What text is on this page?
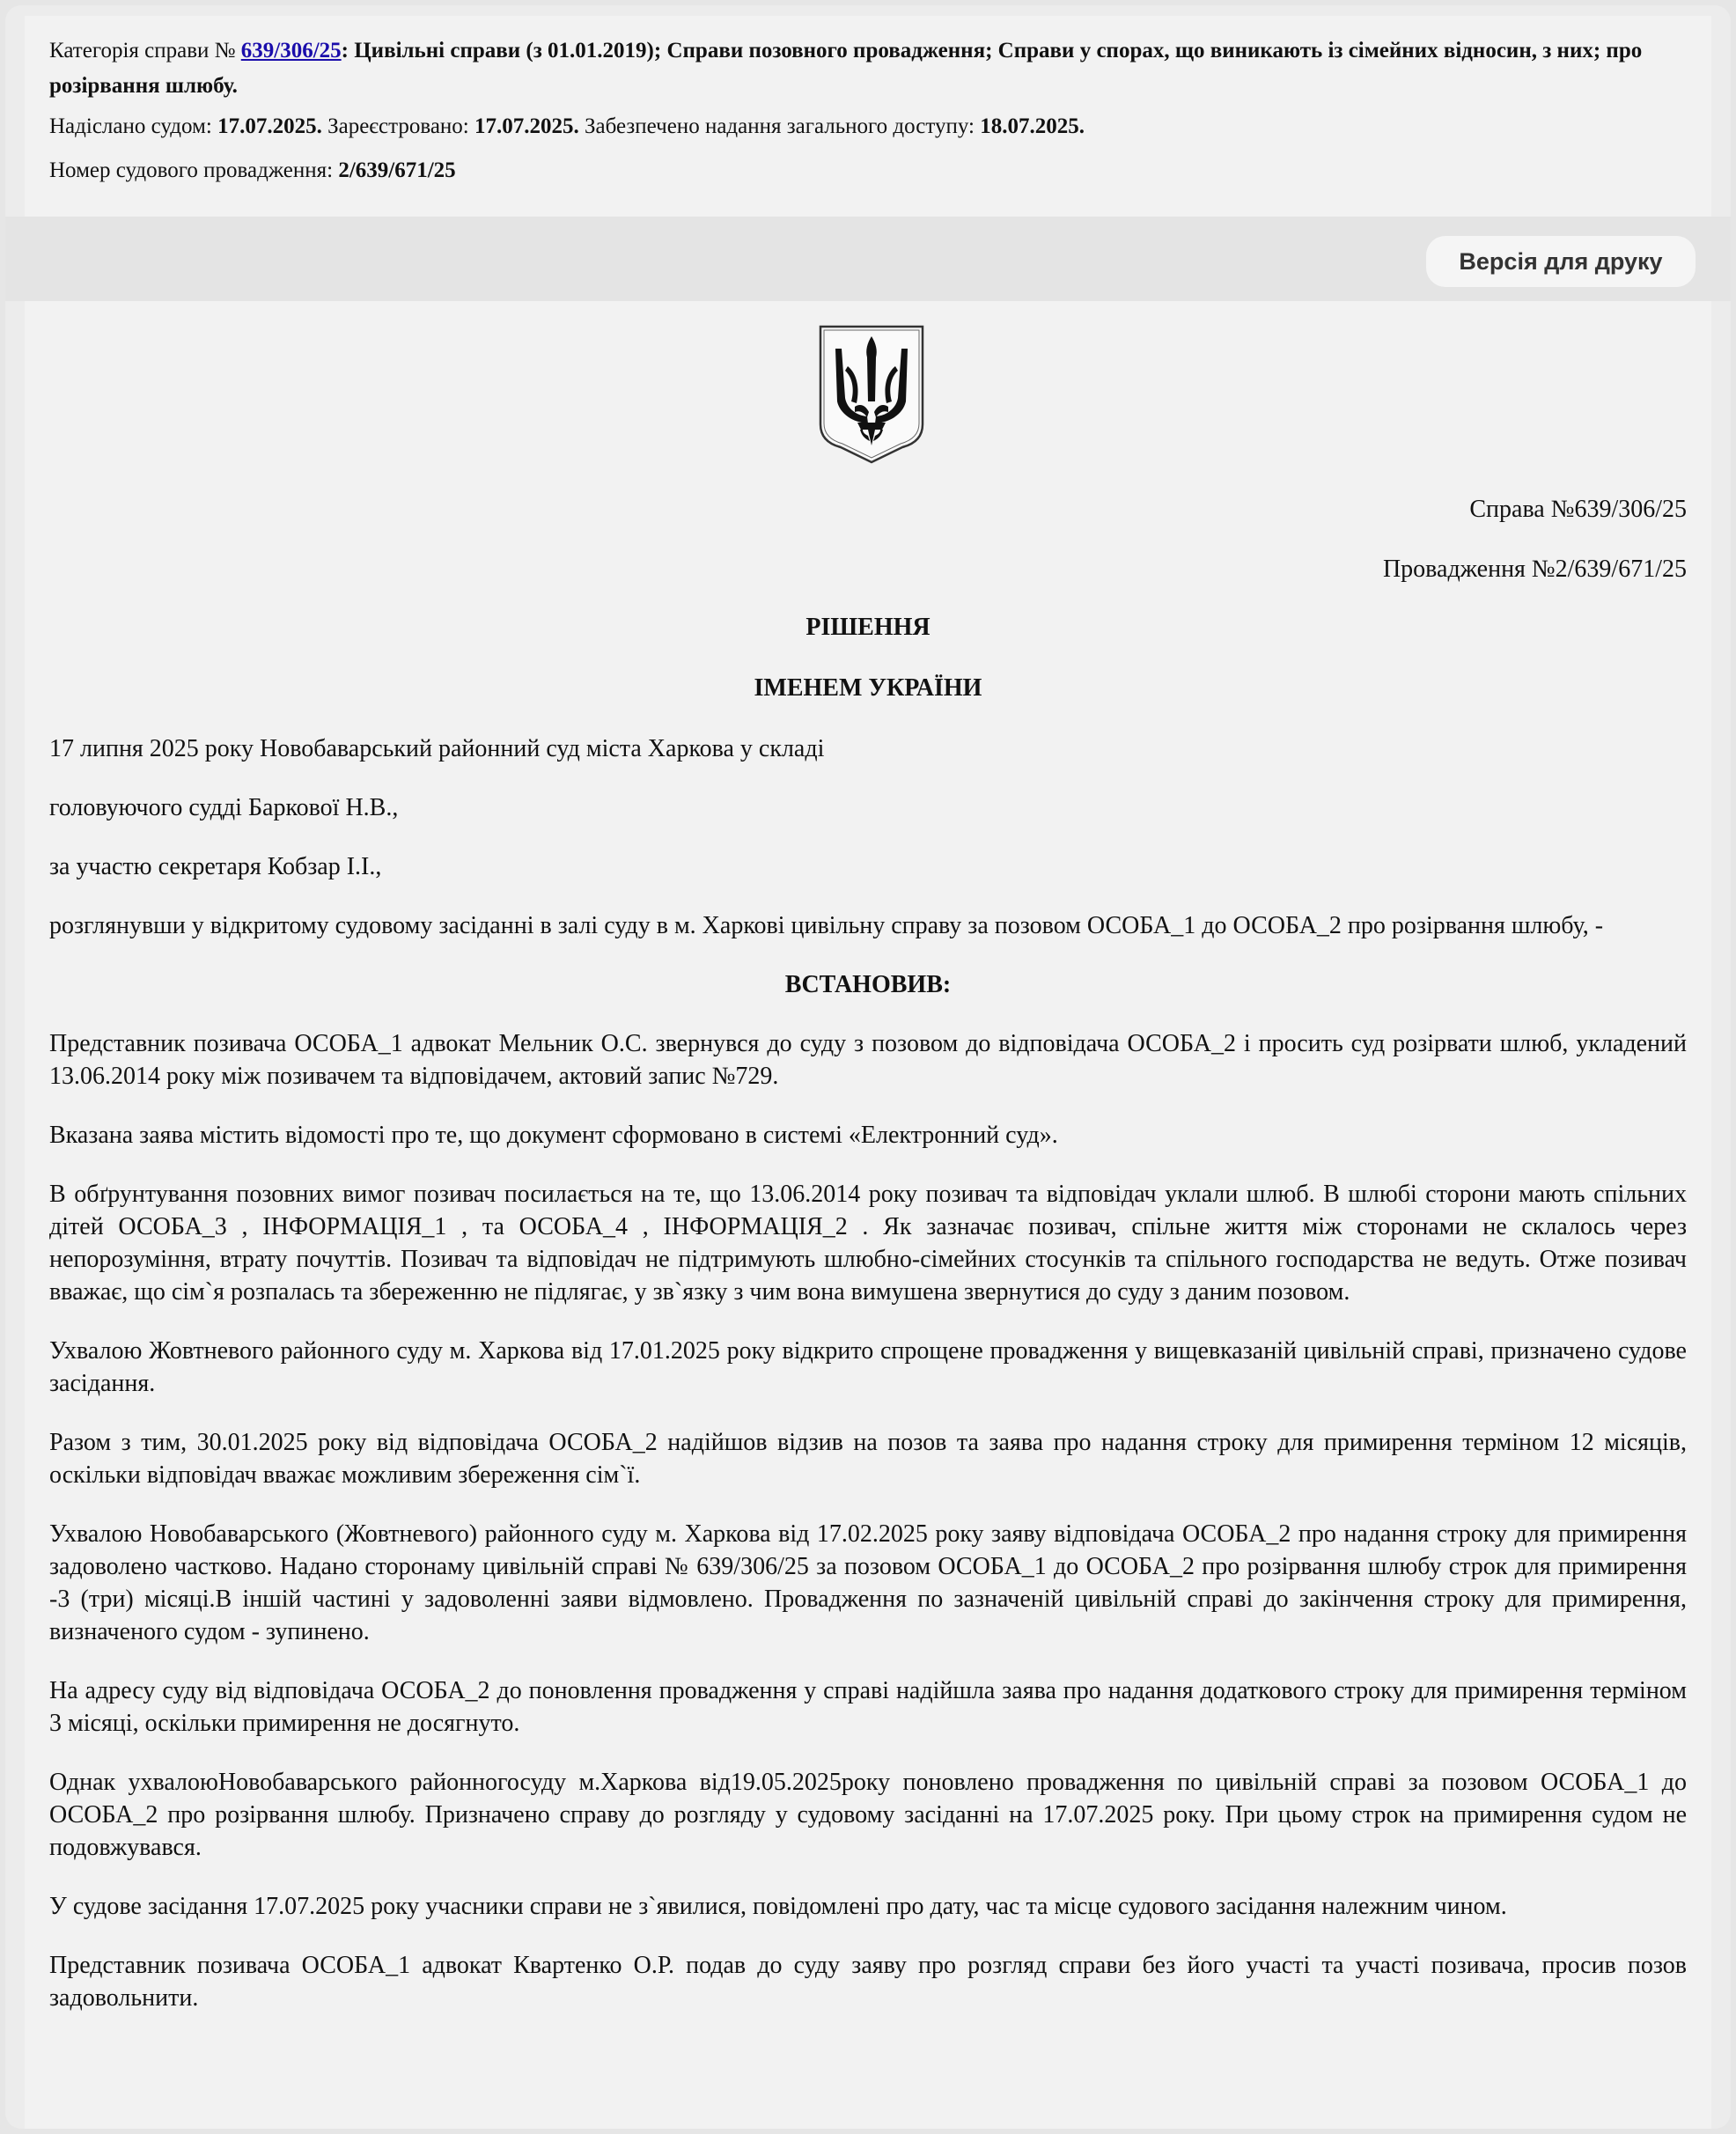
Категорія справи № 639/306/25: Цивільні справи (з 01.01.2019); Справи позовного провадження; Справи у спорах, що виникають із сімейних відносин, з них; про розірвання шлюбу.

Надіслано судом: 17.07.2025. Зареєстровано: 17.07.2025. Забезпечено надання загального доступу: 18.07.2025.

Номер судового провадження: 2/639/671/25

Версія для друку
Справа №639/306/25
Провадження №2/639/671/25

РІШЕННЯ

ІМЕНЕМ УКРАЇНИ

17 липня 2025 року Новобаварський районний суд міста Харкова у складі

головуючого судді Баркової Н.В.,

за участю секретаря Кобзар І.І.,

розглянувши у відкритому судовому засіданні в залі суду в м. Харкові цивільну справу за позовом ОСОБА_1 до ОСОБА_2 про розірвання шлюбу, -

ВСТАНОВИВ:

Представник позивача ОСОБА_1 адвокат Мельник О.С. звернувся до суду з позовом до відповідача ОСОБА_2 і просить суд розірвати шлюб, укладений 13.06.2014 року між позивачем та відповідачем, актовий запис №729.

Вказана заява містить відомості про те, що документ сформовано в системі «Електронний суд».

В обґрунтування позовних вимог позивач посилається на те, що 13.06.2014 року позивач та відповідач уклали шлюб. В шлюбі сторони мають спільних дітей ОСОБА_3 , ІНФОРМАЦІЯ_1 , та ОСОБА_4 , ІНФОРМАЦІЯ_2 . Як зазначає позивач, спільне життя між сторонами не склалось через непорозуміння, втрату почуттів. Позивач та відповідач не підтримують шлюбно-сімейних стосунків та спільного господарства не ведуть. Отже позивач вважає, що сім`я розпалась та збереженню не підлягає, у зв`язку з чим вона вимушена звернутися до суду з даним позовом.

Ухвалою Жовтневого районного суду м. Харкова від 17.01.2025 року відкрито спрощене провадження у вищевказаній цивільній справі, призначено судове засідання.

Разом з тим, 30.01.2025 року від відповідача ОСОБА_2 надійшов відзив на позов та заява про надання строку для примирення терміном 12 місяців, оскільки відповідач вважає можливим збереження сім`ї.

Ухвалою Новобаварського (Жовтневого) районного суду м. Харкова від 17.02.2025 року заяву відповідача ОСОБА_2 про надання строку для примирення задоволено частково. Надано сторонаму цивільній справі № 639/306/25 за позовом ОСОБА_1 до ОСОБА_2 про розірвання шлюбу строк для примирення -3 (три) місяці.В іншій частині у задоволенні заяви відмовлено. Провадження по зазначеній цивільній справі до закінчення строку для примирення, визначеного судом - зупинено.

На адресу суду від відповідача ОСОБА_2 до поновлення провадження у справі надійшла заява про надання додаткового строку для примирення терміном 3 місяці, оскільки примирення не досягнуто.

Однак ухвалоюНовобаварського районногосуду м.Харкова від19.05.2025року поновлено провадження по цивільній справі за позовом ОСОБА_1 до ОСОБА_2 про розірвання шлюбу. Призначено справу до розгляду у судовому засіданні на 17.07.2025 року. При цьому строк на примирення судом не подовжувався.

У судове засідання 17.07.2025 року учасники справи не з`явилися, повідомлені про дату, час та місце судового засідання належним чином.

Представник позивача ОСОБА_1 адвокат Квартенко О.Р. подав до суду заяву про розгляд справи без його участі та участі позивача, просив позов задовольнити.
